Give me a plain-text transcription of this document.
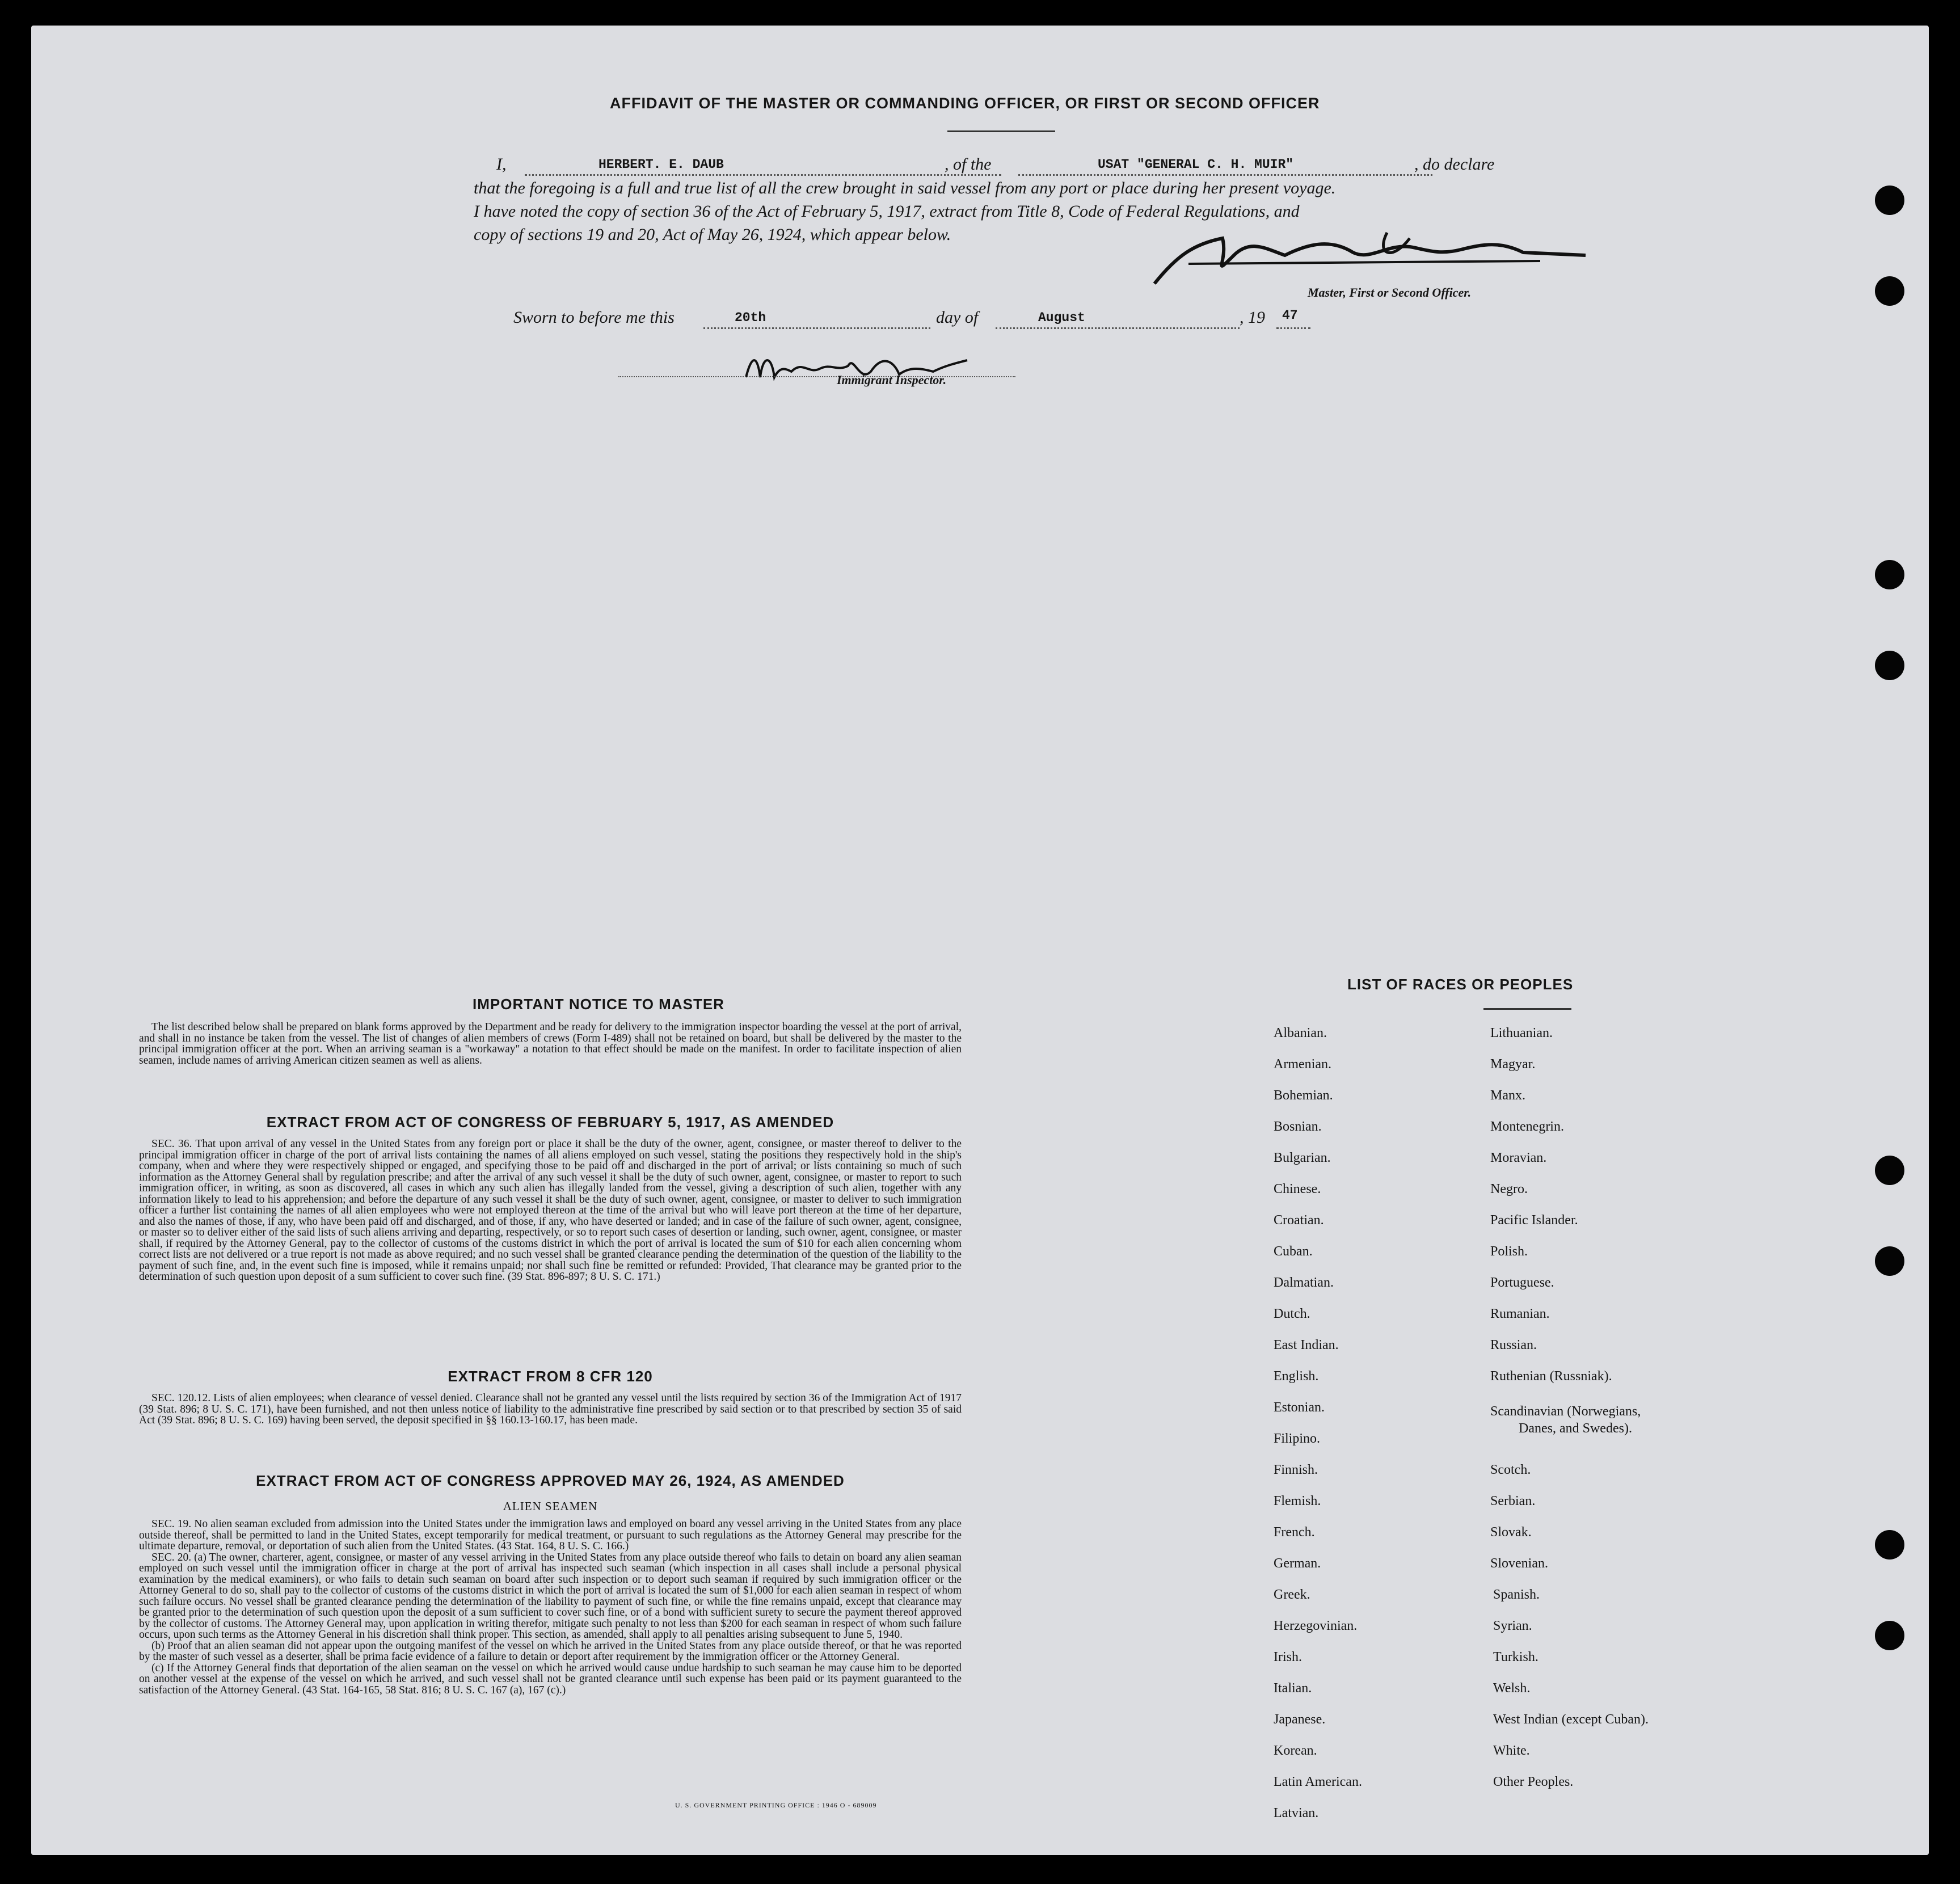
AFFIDAVIT OF THE MASTER OR COMMANDING OFFICER, OR FIRST OR SECOND OFFICER
I,	HERBERT. E. DAUB	, of the	USAT "GENERAL C. H. MUIR"	, do declare
that the foregoing is a full and true list of all the crew brought in said vessel from any port or place during her present voyage.
I have noted the copy of section 36 of the Act of February 5, 1917, extract from Title 8, Code of Federal Regulations, and
copy of sections 19 and 20, Act of May 26, 1924, which appear below.
Master, First or Second Officer.
Sworn to before me this	20th	day of	August	, 19 47
Immigrant Inspector.
IMPORTANT NOTICE TO MASTER

The list described below shall be prepared on blank forms approved by the Department and be ready for delivery to the immigration inspector boarding the vessel at the port of arrival, and shall in no instance be taken from the vessel. The list of changes of alien members of crews (Form I-489) shall not be retained on board, but shall be delivered by the master to the principal immigration officer at the port. When an arriving seaman is a "workaway" a notation to that effect should be made on the manifest. In order to facilitate inspection of alien seamen, include names of arriving American citizen seamen as well as aliens.

EXTRACT FROM ACT OF CONGRESS OF FEBRUARY 5, 1917, AS AMENDED

SEC. 36. That upon arrival of any vessel in the United States from any foreign port or place it shall be the duty of the owner, agent, consignee, or master thereof to deliver to the principal immigration officer in charge of the port of arrival lists containing the names of all aliens employed on such vessel, stating the positions they respectively hold in the ship's company, when and where they were respectively shipped or engaged, and specifying those to be paid off and discharged in the port of arrival; or lists containing so much of such information as the Attorney General shall by regulation prescribe; and after the arrival of any such vessel it shall be the duty of such owner, agent, consignee, or master to report to such immigration officer, in writing, as soon as discovered, all cases in which any such alien has illegally landed from the vessel, giving a description of such alien, together with any information likely to lead to his apprehension; and before the departure of any such vessel it shall be the duty of such owner, agent, consignee, or master to deliver to such immigration officer a further list containing the names of all alien employees who were not employed thereon at the time of the arrival but who will leave port thereon at the time of her departure, and also the names of those, if any, who have been paid off and discharged, and of those, if any, who have deserted or landed; and in case of the failure of such owner, agent, consignee, or master so to deliver either of the said lists of such aliens arriving and departing, respectively, or so to report such cases of desertion or landing, such owner, agent, consignee, or master shall, if required by the Attorney General, pay to the collector of customs of the customs district in which the port of arrival is located the sum of $10 for each alien concerning whom correct lists are not delivered or a true report is not made as above required; and no such vessel shall be granted clearance pending the determination of the question of the liability to the payment of such fine, and, in the event such fine is imposed, while it remains unpaid; nor shall such fine be remitted or refunded: Provided, That clearance may be granted prior to the determination of such question upon deposit of a sum sufficient to cover such fine. (39 Stat. 896-897; 8 U. S. C. 171.)

EXTRACT FROM 8 CFR 120

SEC. 120.12. Lists of alien employees; when clearance of vessel denied. Clearance shall not be granted any vessel until the lists required by section 36 of the Immigration Act of 1917 (39 Stat. 896; 8 U. S. C. 171), have been furnished, and not then unless notice of liability to the administrative fine prescribed by said section or to that prescribed by section 35 of said Act (39 Stat. 896; 8 U. S. C. 169) having been served, the deposit specified in §§ 160.13-160.17, has been made.

EXTRACT FROM ACT OF CONGRESS APPROVED MAY 26, 1924, AS AMENDED
ALIEN SEAMEN

SEC. 19. No alien seaman excluded from admission into the United States under the immigration laws and employed on board any vessel arriving in the United States from any place outside thereof, shall be permitted to land in the United States, except temporarily for medical treatment, or pursuant to such regulations as the Attorney General may prescribe for the ultimate departure, removal, or deportation of such alien from the United States. (43 Stat. 164, 8 U. S. C. 166.)

SEC. 20. (a) The owner, charterer, agent, consignee, or master of any vessel arriving in the United States from any place outside thereof who fails to detain on board any alien seaman employed on such vessel until the immigration officer in charge at the port of arrival has inspected such seaman (which inspection in all cases shall include a personal physical examination by the medical examiners), or who fails to detain such seaman on board after such inspection or to deport such seaman if required by such immigration officer or the Attorney General to do so, shall pay to the collector of customs of the customs district in which the port of arrival is located the sum of $1,000 for each alien seaman in respect of whom such failure occurs. No vessel shall be granted clearance pending the determination of the liability to payment of such fine, or while the fine remains unpaid, except that clearance may be granted prior to the determination of such question upon the deposit of a sum sufficient to cover such fine, or of a bond with sufficient surety to secure the payment thereof approved by the collector of customs. The Attorney General may, upon application in writing therefor, mitigate such penalty to not less than $200 for each seaman in respect of whom such failure occurs, upon such terms as the Attorney General in his discretion shall think proper. This section, as amended, shall apply to all penalties arising subsequent to June 5, 1940.

(b) Proof that an alien seaman did not appear upon the outgoing manifest of the vessel on which he arrived in the United States from any place outside thereof, or that he was reported by the master of such vessel as a deserter, shall be prima facie evidence of a failure to detain or deport after requirement by the immigration officer or the Attorney General.

(c) If the Attorney General finds that deportation of the alien seaman on the vessel on which he arrived would cause undue hardship to such seaman he may cause him to be deported on another vessel at the expense of the vessel on which he arrived, and such vessel shall not be granted clearance until such expense has been paid or its payment guaranteed to the satisfaction of the Attorney General. (43 Stat. 164-165, 58 Stat. 816; 8 U. S. C. 167 (a), 167 (c).)

U. S. GOVERNMENT PRINTING OFFICE : 1946 O - 689009
LIST OF RACES OR PEOPLES
Albanian.
Armenian.
Bohemian.
Bosnian.
Bulgarian.
Chinese.
Croatian.
Cuban.
Dalmatian.
Dutch.
East Indian.
English.
Estonian.
Filipino.
Finnish.
Flemish.
French.
German.
Greek.
Herzegovinian.
Irish.
Italian.
Japanese.
Korean.
Latin American.
Latvian.
Lithuanian.
Magyar.
Manx.
Montenegrin.
Moravian.
Negro.
Pacific Islander.
Polish.
Portuguese.
Rumanian.
Russian.
Ruthenian (Russniak).
Scandinavian (Norwegians,
Danes, and Swedes).
Scotch.
Serbian.
Slovak.
Slovenian.
Spanish.
Syrian.
Turkish.
Welsh.
West Indian (except Cuban).
White.
Other Peoples.
